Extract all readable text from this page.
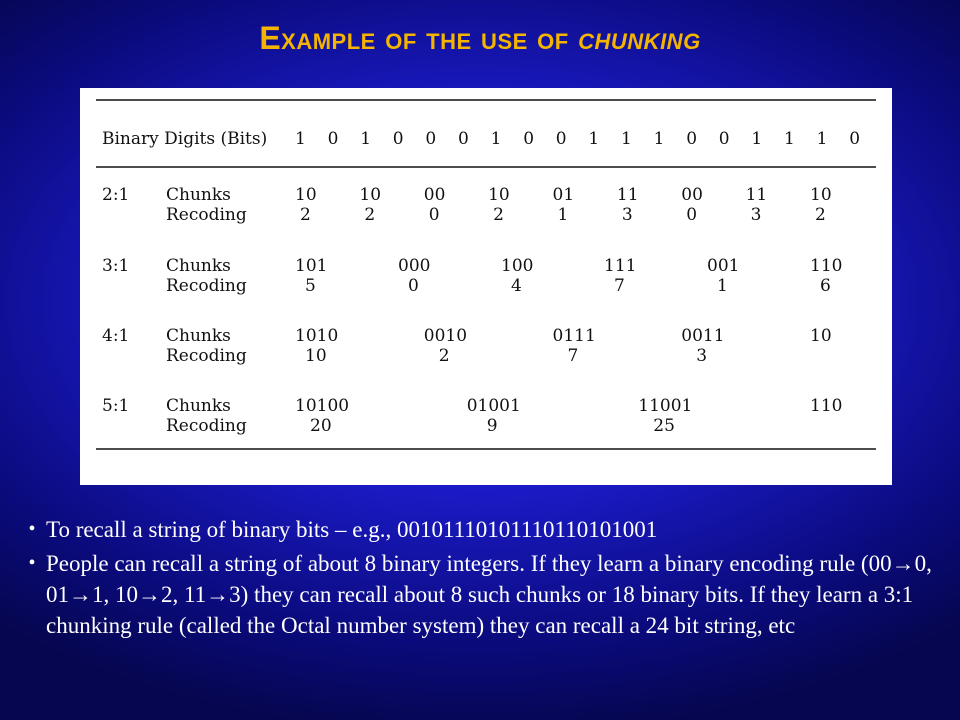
Example of the use of chunking
Binary Digits (Bits) 1 0 1 0 0 0 1 0 0 1 1 1 0 0 1 1 1 0
2:1 Chunks
Recoding
10
2
10
2
00
0
10
2
01
1
11
3
00
0
11
3
10
2
3:1 Chunks
Recoding
101
5
000
0
100
4
111
7
001
1
110
6
4:1 Chunks
Recoding
1010
10
0010
2
0111
7
0011
3
10
5:1 Chunks
Recoding
10100
20
01001
9
11001
25
110
• To recall a string of binary bits – e.g., 001011101011101101010​01
• People can recall a string of about 8 binary integers. If they learn a binary encoding rule (00→0, 01→1, 10→2, 11→3) they can recall about 8 such chunks or 18 binary bits. If they learn a 3:1 chunking rule (called the Octal number system) they can recall a 24 bit string, etc
